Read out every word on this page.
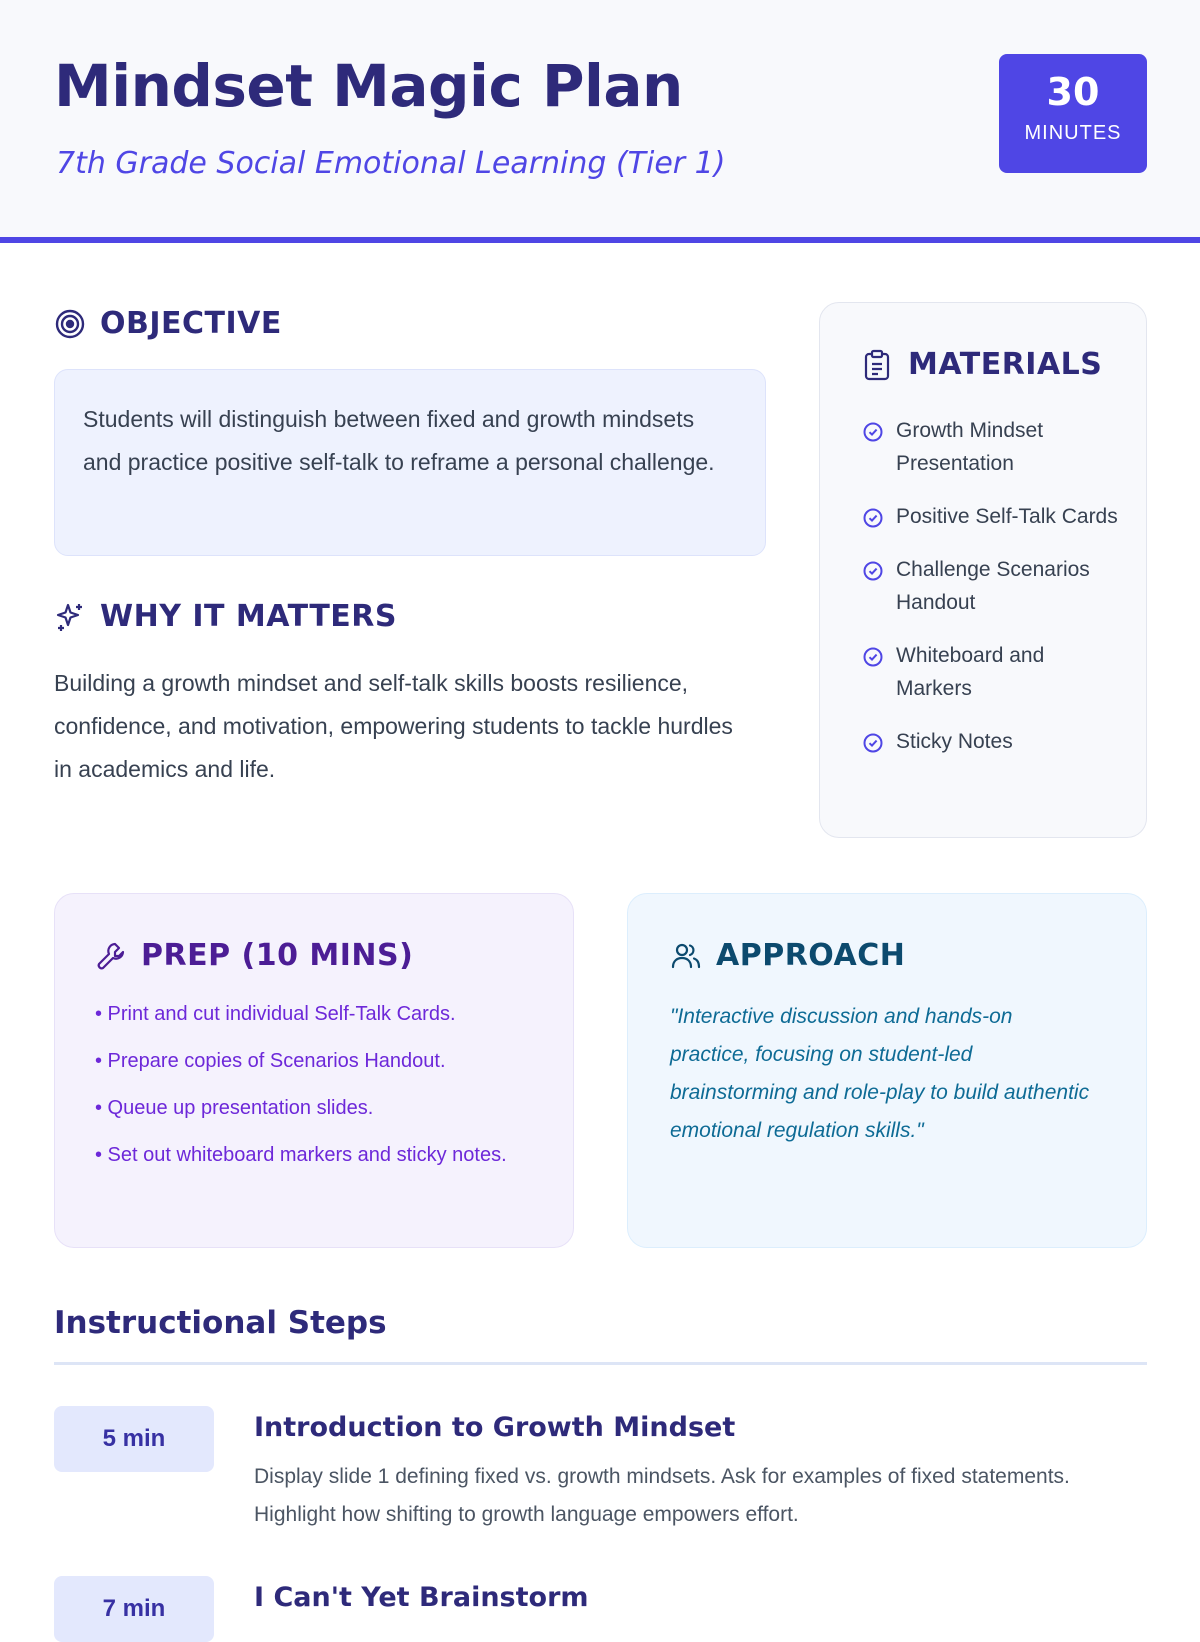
Mindset Magic Plan
7th Grade Social Emotional Learning (Tier 1)
30
MINUTES
OBJECTIVE

Students will distinguish between fixed and growth mindsets and practice positive self-talk to reframe a personal challenge.

WHY IT MATTERS

Building a growth mindset and self-talk skills boosts resilience, confidence, and motivation, empowering students to tackle hurdles in academics and life.

MATERIALS
Growth Mindset Presentation
Positive Self-Talk Cards
Challenge Scenarios Handout
Whiteboard and Markers
Sticky Notes
PREP (10 MINS)
• Print and cut individual Self-Talk Cards.
• Prepare copies of Scenarios Handout.
• Queue up presentation slides.
• Set out whiteboard markers and sticky notes.
APPROACH

"Interactive discussion and hands-on practice, focusing on student-led brainstorming and role-play to build authentic emotional regulation skills."

Instructional Steps
5 min	Introduction to Growth Mindset

Display slide 1 defining fixed vs. growth mindsets. Ask for examples of fixed statements. Highlight how shifting to growth language empowers effort.

7 min	I Can't Yet Brainstorm
